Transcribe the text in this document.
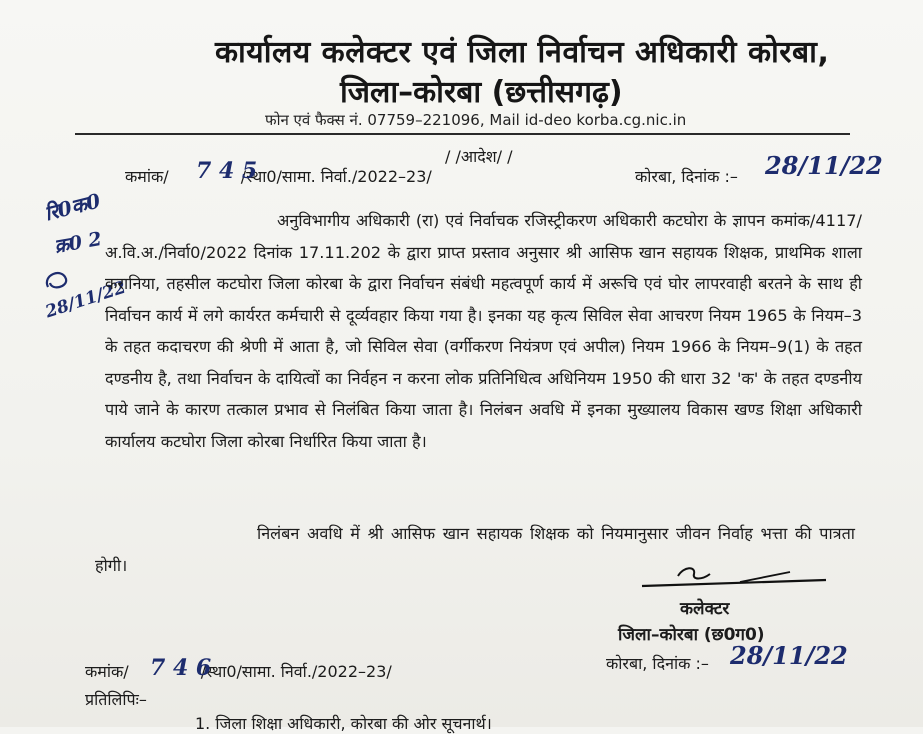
कार्यालय कलेक्टर एवं जिला निर्वाचन अधिकारी कोरबा,
जिला–कोरबा (छत्तीसगढ़)
फोन एवं फैक्स नं. 07759–221096, Mail id-deo korba.cg.nic.in
/ /आदेश/ /
कमांक/	/स्था0/सामा. निर्वा./2022–23/
7 4 5	कोरबा, दिनांक :– 28/11/22
रि0क0
क्र0 2
28/11/22
अनुविभागीय अधिकारी (रा) एवं निर्वाचक रजिस्ट्रीकरण अधिकारी कटघोरा के ज्ञापन कमांक/4117/अ.वि.अ./निर्वा0/2022 दिनांक 17.11.202 के द्वारा प्राप्त प्रस्ताव अनुसार श्री आसिफ खान सहायक शिक्षक, प्राथमिक शाला करानिया, तहसील कटघोरा जिला कोरबा के द्वारा निर्वाचन संबंधी महत्वपूर्ण कार्य में अरूचि एवं घोर लापरवाही बरतने के साथ ही निर्वाचन कार्य में लगे कार्यरत कर्मचारी से दूर्व्यवहार किया गया है। इनका यह कृत्य सिविल सेवा आचरण नियम 1965 के नियम–3 के तहत कदाचरण की श्रेणी में आता है, जो सिविल सेवा (वर्गीकरण नियंत्रण एवं अपील) नियम 1966 के नियम–9(1) के तहत दण्डनीय है, तथा निर्वाचन के दायित्वों का निर्वहन न करना लोक प्रतिनिधित्व अधिनियम 1950 की धारा 32 'क' के तहत दण्डनीय पाये जाने के कारण तत्काल प्रभाव से निलंबित किया जाता है। निलंबन अवधि में इनका मुख्यालय विकास खण्ड शिक्षा अधिकारी कार्यालय कटघोरा जिला कोरबा निर्धारित किया जाता है।
निलंबन अवधि में श्री आसिफ खान सहायक शिक्षक को नियमानुसार जीवन निर्वाह भत्ता की पात्रता होगी।
कलेक्टर
जिला–कोरबा (छ0ग0)
कमांक/	/स्था0/सामा. निर्वा./2022–23/
7 4 6	कोरबा, दिनांक :– 28/11/22
प्रतिलिपिः–
1. जिला शिक्षा अधिकारी, कोरबा की ओर सूचनार्थ।
